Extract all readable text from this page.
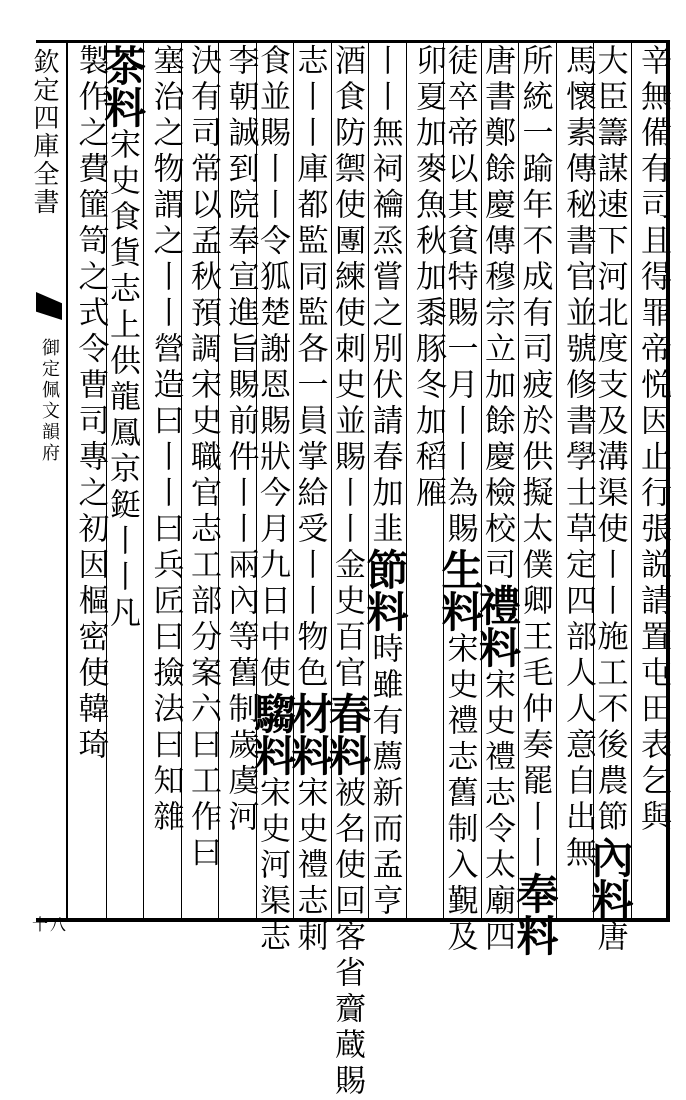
欽定四庫全書
御定佩文韻府
十八
辛無備有司且得罪帝悦因止行張説請置屯田表乞與
大臣籌謀速下河北度支及溝渠使丨丨施工不後農節內料唐
馬懷素傳秘書官並號修書學士草定四部人人意自出無
所統一踰年不成有司疲於供擬太僕卿王毛仲奏罷丨丨奉料
唐書鄭餘慶傳穆宗立加餘慶檢校司禮料宋史禮志令太廟四
徒卒帝以其貧特賜一月丨丨為賜生料宋史禮志舊制入覲及
卯夏加麥魚秋加黍豚冬加稻雁
丨丨無祠禴烝嘗之別伏請春加韭節料時雖有薦新而孟亨
酒食防禦使團練使刺史並賜丨丨金史百官春料被名使回客省齎蔵賜
志丨丨庫都監同監各一員掌給受丨丨物色材料宋史禮志刺
食並賜丨丨令狐楚謝恩賜狀今月九日中使騶料宋史河渠志
李朝誠到院奉宣進旨賜前件丨丨兩內等舊制歲虞河
決有司常以孟秋預調宋史職官志工部分案六曰工作曰
塞治之物謂之丨丨營造曰丨丨曰兵匠曰撿法曰知雜
茶料宋史食貨志上供龍鳳京鋌丨丨凡
製作之費篚笥之式令曹司專之初因樞密使韓琦
